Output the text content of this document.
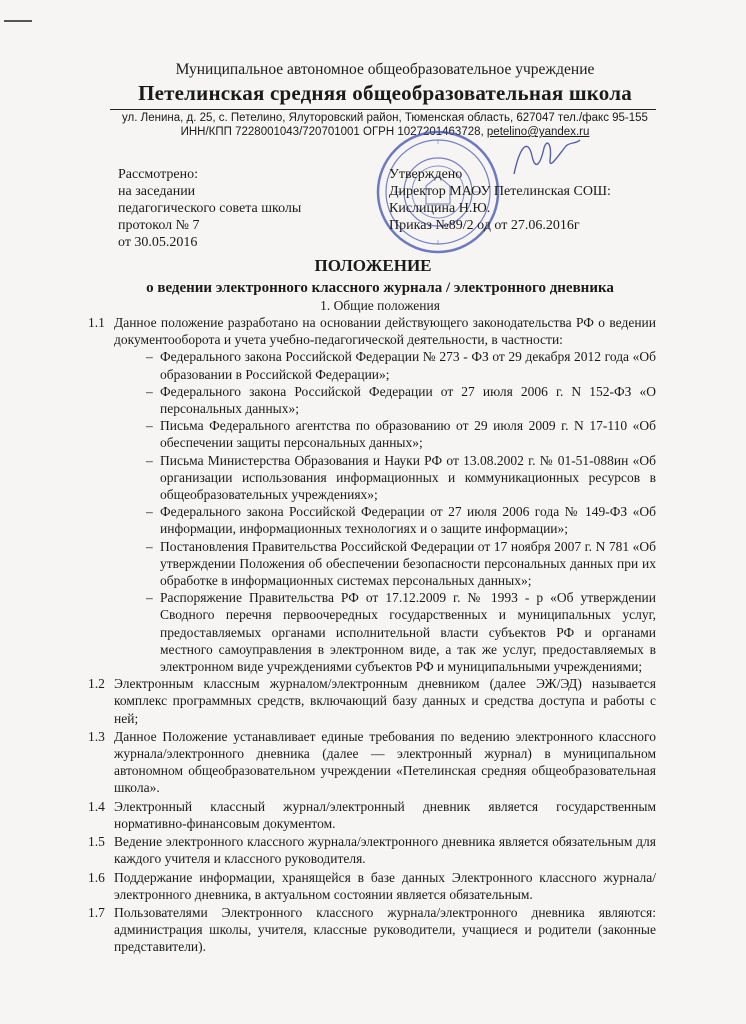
Муниципальное автономное общеобразовательное учреждение
Петелинская средняя общеобразовательная школа
ул. Ленина, д. 25, с. Петелино, Ялуторовский район, Тюменская область, 627047 тел./факс 95-155
ИНН/КПП 7228001043/720701001 ОГРН 1027201463728, petelino@yandex.ru
Рассмотрено:
на заседании
педагогического совета школы
протокол № 7
от 30.05.2016
Утверждено
Директор МАОУ Петелинская СОШ:
Кислицина Н.Ю.
Приказ №89/2 од от 27.06.2016г
ПОЛОЖЕНИЕ
о ведении электронного классного журнала / электронного дневника
1. Общие положения
1.1 Данное положение разработано на основании действующего законодательства РФ о ведении документооборота и учета учебно-педагогической деятельности, в частности:
– Федерального закона Российской Федерации № 273 - ФЗ от 29 декабря 2012 года «Об образовании в Российской Федерации»;
– Федерального закона Российской Федерации от 27 июля 2006 г. N 152-ФЗ «О персональных данных»;
– Письма Федерального агентства по образованию от 29 июля 2009 г. N 17-110 «Об обеспечении защиты персональных данных»;
– Письма Министерства Образования и Науки РФ от 13.08.2002 г. № 01-51-088ин «Об организации использования информационных и коммуникационных ресурсов в общеобразовательных учреждениях»;
– Федерального закона Российской Федерации от 27 июля 2006 года № 149-ФЗ «Об информации, информационных технологиях и о защите информации»;
– Постановления Правительства Российской Федерации от 17 ноября 2007 г. N 781 «Об утверждении Положения об обеспечении безопасности персональных данных при их обработке в информационных системах персональных данных»;
– Распоряжение Правительства РФ от 17.12.2009 г. № 1993 - р «Об утверждении Сводного перечня первоочередных государственных и муниципальных услуг, предоставляемых органами исполнительной власти субъектов РФ и органами местного самоуправления в электронном виде, а так же услуг, предоставляемых в электронном виде учреждениями субъектов РФ и муниципальными учреждениями;
1.2 Электронным классным журналом/электронным дневником (далее ЭЖ/ЭД) называется комплекс программных средств, включающий базу данных и средства доступа и работы с ней;
1.3 Данное Положение устанавливает единые требования по ведению электронного классного журнала/электронного дневника (далее — электронный журнал) в муниципальном автономном общеобразовательном учреждении «Петелинская средняя общеобразовательная школа».
1.4 Электронный классный журнал/электронный дневник является государственным нормативно-финансовым документом.
1.5 Ведение электронного классного журнала/электронного дневника является обязательным для каждого учителя и классного руководителя.
1.6 Поддержание информации, хранящейся в базе данных Электронного классного журнала/электронного дневника, в актуальном состоянии является обязательным.
1.7 Пользователями Электронного классного журнала/электронного дневника являются: администрация школы, учителя, классные руководители, учащиеся и родители (законные представители).
